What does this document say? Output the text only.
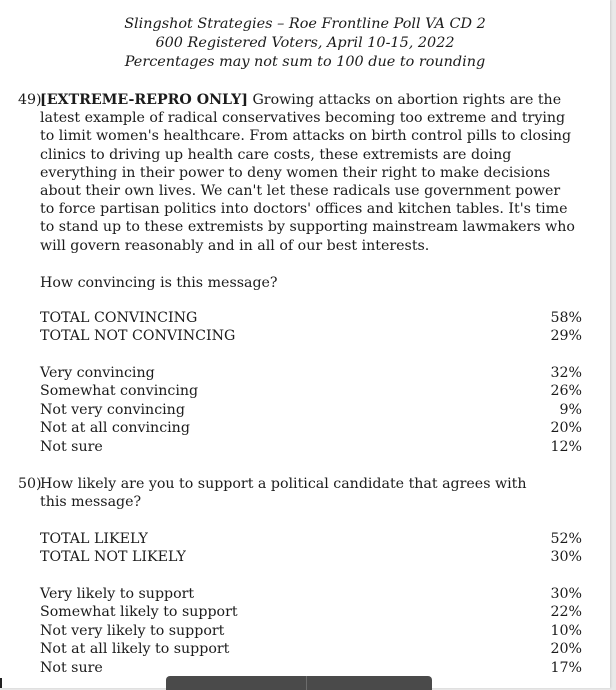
Slingshot Strategies – Roe Frontline Poll VA CD 2
600 Registered Voters, April 10-15, 2022
Percentages may not sum to 100 due to rounding
49)
[EXTREME-REPRO ONLY] Growing attacks on abortion rights are the latest example of radical conservatives becoming too extreme and trying to limit women's healthcare. From attacks on birth control pills to closing clinics to driving up health care costs, these extremists are doing everything in their power to deny women their right to make decisions about their own lives. We can't let these radicals use government power to force partisan politics into doctors' offices and kitchen tables. It's time to stand up to these extremists by supporting mainstream lawmakers who will govern reasonably and in all of our best interests.
How convincing is this message?
TOTAL CONVINCING	58%
TOTAL NOT CONVINCING	29%
Very convincing	32%
Somewhat convincing	26%
Not very convincing	9%
Not at all convincing	20%
Not sure	12%
50)
How likely are you to support a political candidate that agrees with this message?
TOTAL LIKELY	52%
TOTAL NOT LIKELY	30%
Very likely to support	30%
Somewhat likely to support	22%
Not very likely to support	10%
Not at all likely to support	20%
Not sure	17%
